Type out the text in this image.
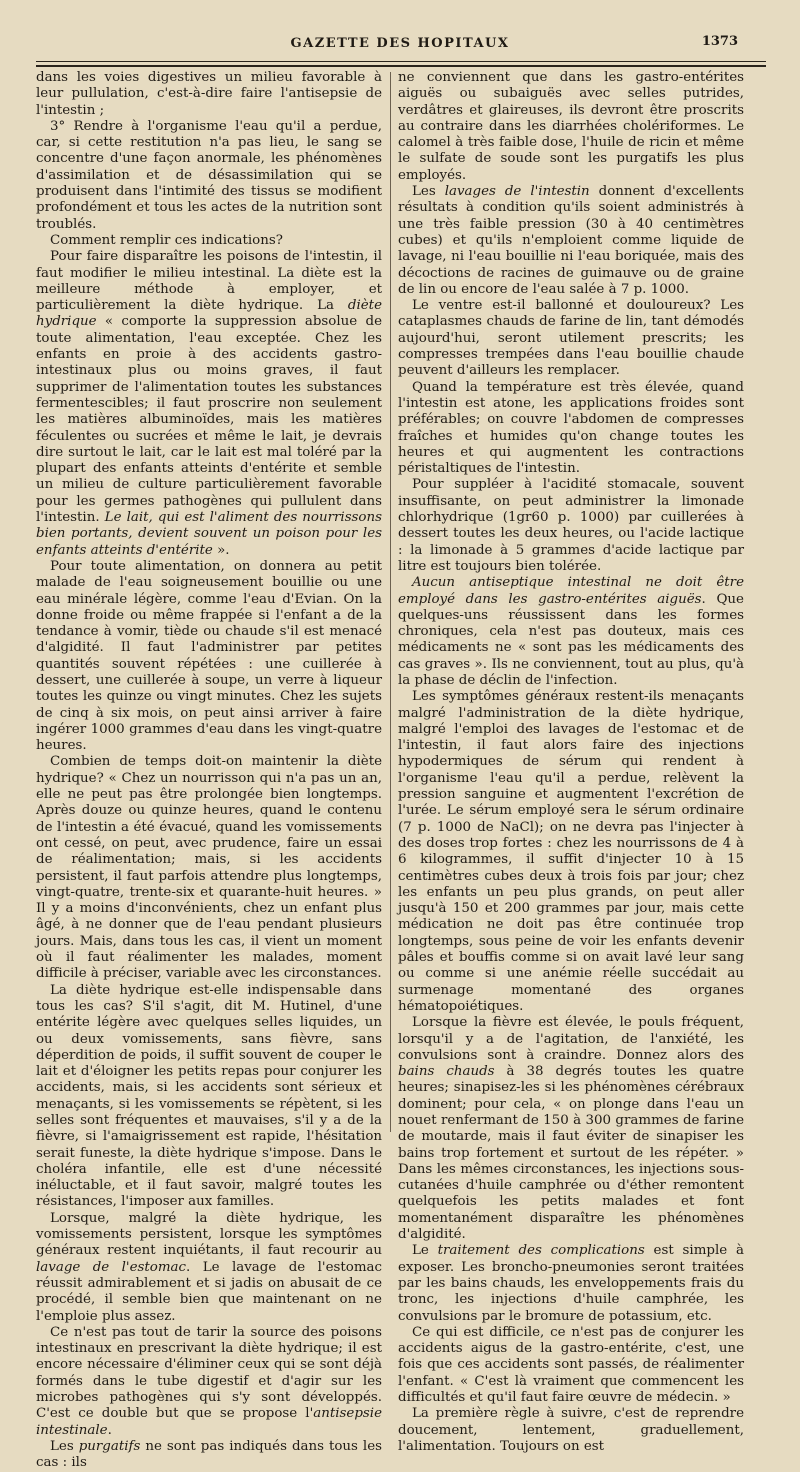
GAZETTE DES HOPITAUX	1373

dans les voies digestives un milieu favorable à leur pullulation, c'est-à-dire faire l'antisepsie de l'intestin ;

3° Rendre à l'organisme l'eau qu'il a perdue, car, si cette restitution n'a pas lieu, le sang se concentre d'une façon anormale, les phénomènes d'assimilation et de désassimilation qui se produisent dans l'intimité des tissus se modifient profondément et tous les actes de la nutrition sont troublés.

Comment remplir ces indications?

Pour faire disparaître les poisons de l'intestin, il faut modifier le milieu intestinal. La diète est la meilleure méthode à employer, et particulièrement la diète hydrique. La diète hydrique « comporte la suppression absolue de toute alimentation, l'eau exceptée. Chez les enfants en proie à des accidents gastro-intestinaux plus ou moins graves, il faut supprimer de l'alimentation toutes les substances fermentescibles; il faut proscrire non seulement les matières albuminoïdes, mais les matières féculentes ou sucrées et même le lait, je devrais dire surtout le lait, car le lait est mal toléré par la plupart des enfants atteints d'entérite et semble un milieu de culture particulièrement favorable pour les germes pathogènes qui pullulent dans l'intestin. Le lait, qui est l'aliment des nourrissons bien portants, devient souvent un poison pour les enfants atteints d'entérite ».

Pour toute alimentation, on donnera au petit malade de l'eau soigneusement bouillie ou une eau minérale légère, comme l'eau d'Evian. On la donne froide ou même frappée si l'enfant a de la tendance à vomir, tiède ou chaude s'il est menacé d'algidité. Il faut l'administrer par petites quantités souvent répétées : une cuillerée à dessert, une cuillerée à soupe, un verre à liqueur toutes les quinze ou vingt minutes. Chez les sujets de cinq à six mois, on peut ainsi arriver à faire ingérer 1000 grammes d'eau dans les vingt-quatre heures.

Combien de temps doit-on maintenir la diète hydrique? « Chez un nourrisson qui n'a pas un an, elle ne peut pas être prolongée bien longtemps. Après douze ou quinze heures, quand le contenu de l'intestin a été évacué, quand les vomissements ont cessé, on peut, avec prudence, faire un essai de réalimentation; mais, si les accidents persistent, il faut parfois attendre plus longtemps, vingt-quatre, trente-six et quarante-huit heures. » Il y a moins d'inconvénients, chez un enfant plus âgé, à ne donner que de l'eau pendant plusieurs jours. Mais, dans tous les cas, il vient un moment où il faut réalimenter les malades, moment difficile à préciser, variable avec les circonstances.

La diète hydrique est-elle indispensable dans tous les cas? S'il s'agit, dit M. Hutinel, d'une entérite légère avec quelques selles liquides, un ou deux vomissements, sans fièvre, sans déperdition de poids, il suffit souvent de couper le lait et d'éloigner les petits repas pour conjurer les accidents, mais, si les accidents sont sérieux et menaçants, si les vomissements se répètent, si les selles sont fréquentes et mauvaises, s'il y a de la fièvre, si l'amaigrissement est rapide, l'hésitation serait funeste, la diète hydrique s'impose. Dans le choléra infantile, elle est d'une nécessité inéluctable, et il faut savoir, malgré toutes les résistances, l'imposer aux familles.

Lorsque, malgré la diète hydrique, les vomissements persistent, lorsque les symptômes généraux restent inquiétants, il faut recourir au lavage de l'estomac. Le lavage de l'estomac réussit admirablement et si jadis on abusait de ce procédé, il semble bien que maintenant on ne l'emploie plus assez.

Ce n'est pas tout de tarir la source des poisons intestinaux en prescrivant la diète hydrique; il est encore nécessaire d'éliminer ceux qui se sont déjà formés dans le tube digestif et d'agir sur les microbes pathogènes qui s'y sont développés. C'est ce double but que se propose l'antisepsie intestinale.

Les purgatifs ne sont pas indiqués dans tous les cas : ils

ne conviennent que dans les gastro-entérites aiguës ou subaiguës avec selles putrides, verdâtres et glaireuses, ils devront être proscrits au contraire dans les diarrhées cholériformes. Le calomel à très faible dose, l'huile de ricin et même le sulfate de soude sont les purgatifs les plus employés.

Les lavages de l'intestin donnent d'excellents résultats à condition qu'ils soient administrés à une très faible pression (30 à 40 centimètres cubes) et qu'ils n'emploient comme liquide de lavage, ni l'eau bouillie ni l'eau boriquée, mais des décoctions de racines de guimauve ou de graine de lin ou encore de l'eau salée à 7 p. 1000.

Le ventre est-il ballonné et douloureux? Les cataplasmes chauds de farine de lin, tant démodés aujourd'hui, seront utilement prescrits; les compresses trempées dans l'eau bouillie chaude peuvent d'ailleurs les remplacer.

Quand la température est très élevée, quand l'intestin est atone, les applications froides sont préférables; on couvre l'abdomen de compresses fraîches et humides qu'on change toutes les heures et qui augmentent les contractions péristaltiques de l'intestin.

Pour suppléer à l'acidité stomacale, souvent insuffisante, on peut administrer la limonade chlorhydrique (1gr60 p. 1000) par cuillerées à dessert toutes les deux heures, ou l'acide lactique : la limonade à 5 grammes d'acide lactique par litre est toujours bien tolérée.

Aucun antiseptique intestinal ne doit être employé dans les gastro-entérites aiguës. Que quelques-uns réussissent dans les formes chroniques, cela n'est pas douteux, mais ces médicaments ne « sont pas les médicaments des cas graves ». Ils ne conviennent, tout au plus, qu'à la phase de déclin de l'infection.

Les symptômes généraux restent-ils menaçants malgré l'administration de la diète hydrique, malgré l'emploi des lavages de l'estomac et de l'intestin, il faut alors faire des injections hypodermiques de sérum qui rendent à l'organisme l'eau qu'il a perdue, relèvent la pression sanguine et augmentent l'excrétion de l'urée. Le sérum employé sera le sérum ordinaire (7 p. 1000 de NaCl); on ne devra pas l'injecter à des doses trop fortes : chez les nourrissons de 4 à 6 kilogrammes, il suffit d'injecter 10 à 15 centimètres cubes deux à trois fois par jour; chez les enfants un peu plus grands, on peut aller jusqu'à 150 et 200 grammes par jour, mais cette médication ne doit pas être continuée trop longtemps, sous peine de voir les enfants devenir pâles et bouffis comme si on avait lavé leur sang ou comme si une anémie réelle succédait au surmenage momentané des organes hématopoiétiques.

Lorsque la fièvre est élevée, le pouls fréquent, lorsqu'il y a de l'agitation, de l'anxiété, les convulsions sont à craindre. Donnez alors des bains chauds à 38 degrés toutes les quatre heures; sinapisez-les si les phénomènes cérébraux dominent; pour cela, « on plonge dans l'eau un nouet renfermant de 150 à 300 grammes de farine de moutarde, mais il faut éviter de sinapiser les bains trop fortement et surtout de les répéter. » Dans les mêmes circonstances, les injections sous-cutanées d'huile camphrée ou d'éther remontent quelquefois les petits malades et font momentanément disparaître les phénomènes d'algidité.

Le traitement des complications est simple à exposer. Les broncho-pneumonies seront traitées par les bains chauds, les enveloppements frais du tronc, les injections d'huile camphrée, les convulsions par le bromure de potassium, etc.

Ce qui est difficile, ce n'est pas de conjurer les accidents aigus de la gastro-entérite, c'est, une fois que ces accidents sont passés, de réalimenter l'enfant. « C'est là vraiment que commencent les difficultés et qu'il faut faire œuvre de médecin. »

La première règle à suivre, c'est de reprendre doucement, lentement, graduellement, l'alimentation. Toujours on est
